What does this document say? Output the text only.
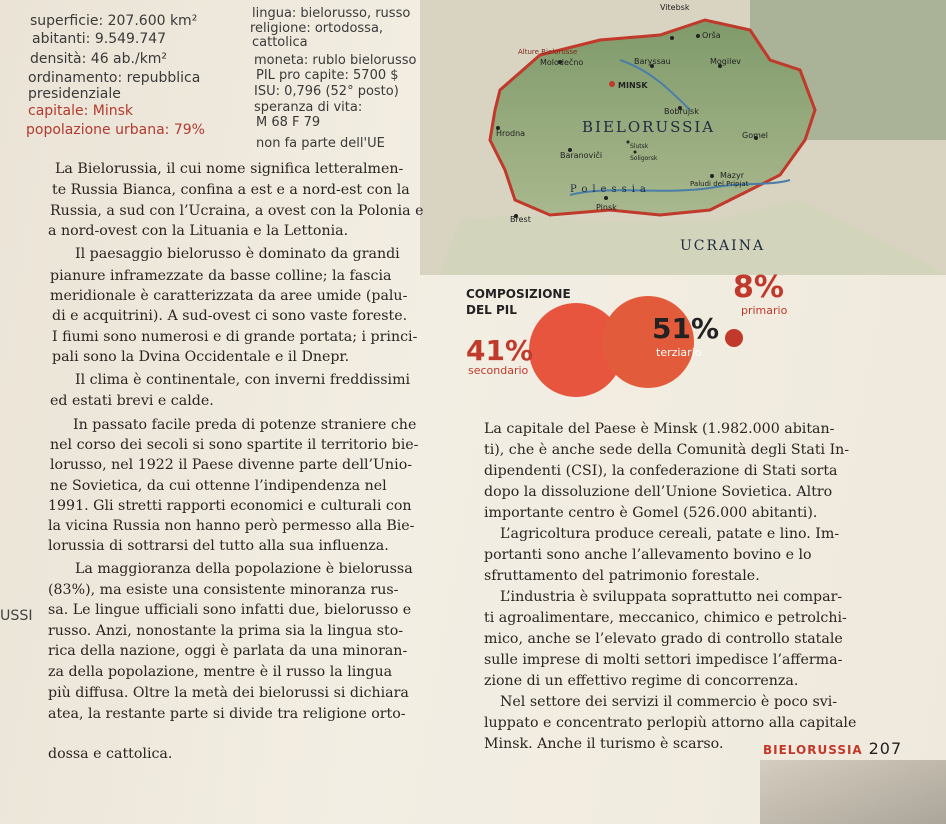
superficie: 207.600 km²
abitanti: 9.549.747
densità: 46 ab./km²
ordinamento: repubblica
presidenziale
capitale: Minsk
popolazione urbana: 79%
lingua: bielorusso, russo
religione: ortodossa,
cattolica
moneta: rublo bielorusso
PIL pro capite: 5700 $
ISU: 0,796 (52° posto)
speranza di vita:
M 68 F 79
non fa parte dell'UE
Vitebsk
Orša
Molodečno	Baryssau	Mogilev
MINSK
Bobrujsk
Hrodna	Gomel
Baranoviči
Slutsk
Soligorsk
Mazyr
Pinsk
Brest
BIELORUSSIA
UCRAINA
Alture Bielorusse
Polessia	Paludi del Pripjat
COMPOSIZIONE
DEL PIL
8%
primario
51%
terziario
41%
secondario
La Bielorussia, il cui nome significa letteralmen-
te Russia Bianca, confina a est e a nord-est con la
Russia, a sud con l’Ucraina, a ovest con la Polonia e
a nord-ovest con la Lituania e la Lettonia.
Il paesaggio bielorusso è dominato da grandi
pianure inframezzate da basse colline; la fascia
meridionale è caratterizzata da aree umide (palu-
di e acquitrini). A sud-ovest ci sono vaste foreste.
I fiumi sono numerosi e di grande portata; i princi-
pali sono la Dvina Occidentale e il Dnepr.
Il clima è continentale, con inverni freddissimi
ed estati brevi e calde.
In passato facile preda di potenze straniere che
nel corso dei secoli si sono spartite il territorio bie-
lorusso, nel 1922 il Paese divenne parte dell’Unio-
ne Sovietica, da cui ottenne l’indipendenza nel
1991. Gli stretti rapporti economici e culturali con
la vicina Russia non hanno però permesso alla Bie-
lorussia di sottrarsi del tutto alla sua influenza.
La maggioranza della popolazione è bielorussa
(83%), ma esiste una consistente minoranza rus-
sa. Le lingue ufficiali sono infatti due, bielorusso e
russo. Anzi, nonostante la prima sia la lingua sto-
rica della nazione, oggi è parlata da una minoran-
za della popolazione, mentre è il russo la lingua
più diffusa. Oltre la metà dei bielorussi si dichiara
atea, la restante parte si divide tra religione orto-
dossa e cattolica.
La capitale del Paese è Minsk (1.982.000 abitan-
ti), che è anche sede della Comunità degli Stati In-
dipendenti (CSI), la confederazione di Stati sorta
dopo la dissoluzione dell’Unione Sovietica. Altro
importante centro è Gomel (526.000 abitanti).
L’agricoltura produce cereali, patate e lino. Im-
portanti sono anche l’allevamento bovino e lo
sfruttamento del patrimonio forestale.
L’industria è sviluppata soprattutto nei compar-
ti agroalimentare, meccanico, chimico e petrolchi-
mico, anche se l’elevato grado di controllo statale
sulle imprese di molti settori impedisce l’afferma-
zione di un effettivo regime di concorrenza.
Nel settore dei servizi il commercio è poco svi-
luppato e concentrato perlopiù attorno alla capitale
Minsk. Anche il turismo è scarso.
USSI
BIELORUSSIA 207
